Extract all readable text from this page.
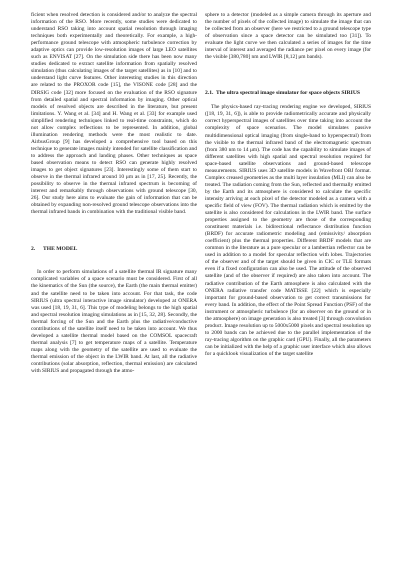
ficient when resolved detection is considered and/or to analyze the spectral information of the RSO. More recently, some studies were dedicated to understand RSO taking into account spatial resolution through imaging techniques both experimentally and theoretically. For example, a high-performance ground telescope with atmospheric turbulence correction by adaptive optics can provide low-resolution images of large LEO satellites such as ENVISAT [27]. On the simulation side there has been now many studies dedicated to extract satellite information from spatially resolved simulation (thus calculating images of the target satellites) as in [10] and to understand light curve features. Other interesting studies in this direction are related to the PROXOR code [15], the VISONE code [28] and the DIRSIG code [32] more focused on the evaluation of the RSO signature from detailed spatial and spectral information by imaging. Other optical models of resolved objects are described in the literature, but present limitations. Y. Wang et al. [34] and H. Wang et al. [33] for example used simplified rendering techniques linked to real-time constraints, which do not allow complex reflections to be represented. In addition, global illumination rendering methods were the most realistic to date. AirbusGroup [9] has developed a comprehensive tool based on this technique to generate images mainly intended for satellite classification and to address the approach and landing phases. Other techniques as space based observation means to detect RSO can generate highly resolved images to get object signatures [23]. Interestingly some of them start to observe in the thermal infrared around 10 μm as in [17, 25]. Recently, the possibility to observe in the thermal infrared spectrum is becoming of interest and remarkably through observations with ground telescope [30, 26]. Our study here aims to evaluate the gain of information that can be obtained by expanding non-resolved ground telescope observations into the thermal infrared bands in combination with the traditional visible band.

2. THE MODEL

In order to perform simulations of a satellite thermal IR signature many complicated variables of a space scenario must be considered. First of all the kinematics of the Sun (the source), the Earth (the main thermal emitter) and the satellite need to be taken into account. For that task, the code SIRIUS (ultra spectral interactive image simulator) developed at ONERA was used [18, 19, 31, 6]. This type of modeling belongs to the high spatial and spectral resolution imaging simulations as in [15, 32, 28]. Secondly, the thermal forcing of the Sun and the Earth plus the radiative/conductive contributions of the satellite itself need to be taken into account. We thus developed a satellite thermal model based on the COMSOL spacecraft thermal analysis [7] to get temperature maps of a satellite. Temperature maps along with the geometry of the satellite are used to evaluate the thermal emission of the object in the LWIR band. At last, all the radiative contributions (solar absorption, reflection, thermal emission) are calculated with SIRIUS and propagated through the atmo-

sphere to a detector (modeled as a simple camera through its aperture and the number of pixels of the collected image) to simulate the image that can be collected from an observer (here we restricted to a ground telescope type of observation since a space detector can be simulated too [31]). To evaluate the light curve we then calculated a series of images for the time interval of interest and averaged the radiance per pixel on every image (for the visible [380,780] nm and LWIR [8,12] μm bands).

2.1. The ultra spectral image simulator for space objects SIRIUS

The physics-based ray-tracing rendering engine we developed, SIRIUS ([18, 19, 31, 6]), is able to provide radiometrically accurate and physically correct hyperspectral images of satellites over time taking into account the complexity of space scenarios. The model simulates passive multidimensional optical imaging (from single-band to hyperspectral) from the visible to the thermal infrared band of the electromagnetic spectrum (from 380 nm to 14 μm). The code has the capability to simulate images of different satellites with high spatial and spectral resolution required for space-based satellite observations and ground-based telescope measurements. SIRIUS uses 3D satellite models in Wavefront OBJ format. Complex creased geometries as the multi layer insulation (MLI) can also be treated. The radiation coming from the Sun, reflected and thermally emitted by the Earth and its atmosphere is considered to calculate the specific intensity arriving at each pixel of the detector modeled as a camera with a specific field of view (FOV). The thermal radiation which is emitted by the satellite is also considered for calculations in the LWIR band. The surface properties assigned to the geometry are those of the corresponding constituent materials i.e. bidirectional reflectance distribution function (BRDF) for accurate radiometric modeling and (emissivity/ absorption coefficient) plus the thermal properties. Different BRDF models that are common in the literature as a pure specular or a lambertian reflector can be used in addition to a model for specular reflection with lobes. Trajectories of the observer and of the target should be given in CIC or TLE formats even if a fixed configuration can also be used. The attitude of the observed satellite (and of the observer if required) are also taken into account. The radiative contribution of the Earth atmosphere is also calculated with the ONERA radiative transfer code MATISSE [22] which is especially important for ground-based observation to get correct transmissions for every band. In addition, the effect of the Point Spread Function (PSF) of the instrument or atmospheric turbulence (for an observer on the ground or in the atmosphere) on image generation is also treated [3] through convolution product. Image resolution up to 5000x5000 pixels and spectral resolution up to 2000 bands can be achieved due to the parallel implementation of the ray-tracing algorithm on the graphic card (GPU). Finally, all the parameters can be initialized with the help of a graphic user interface which also allows for a quicklook visualization of the target satellite
